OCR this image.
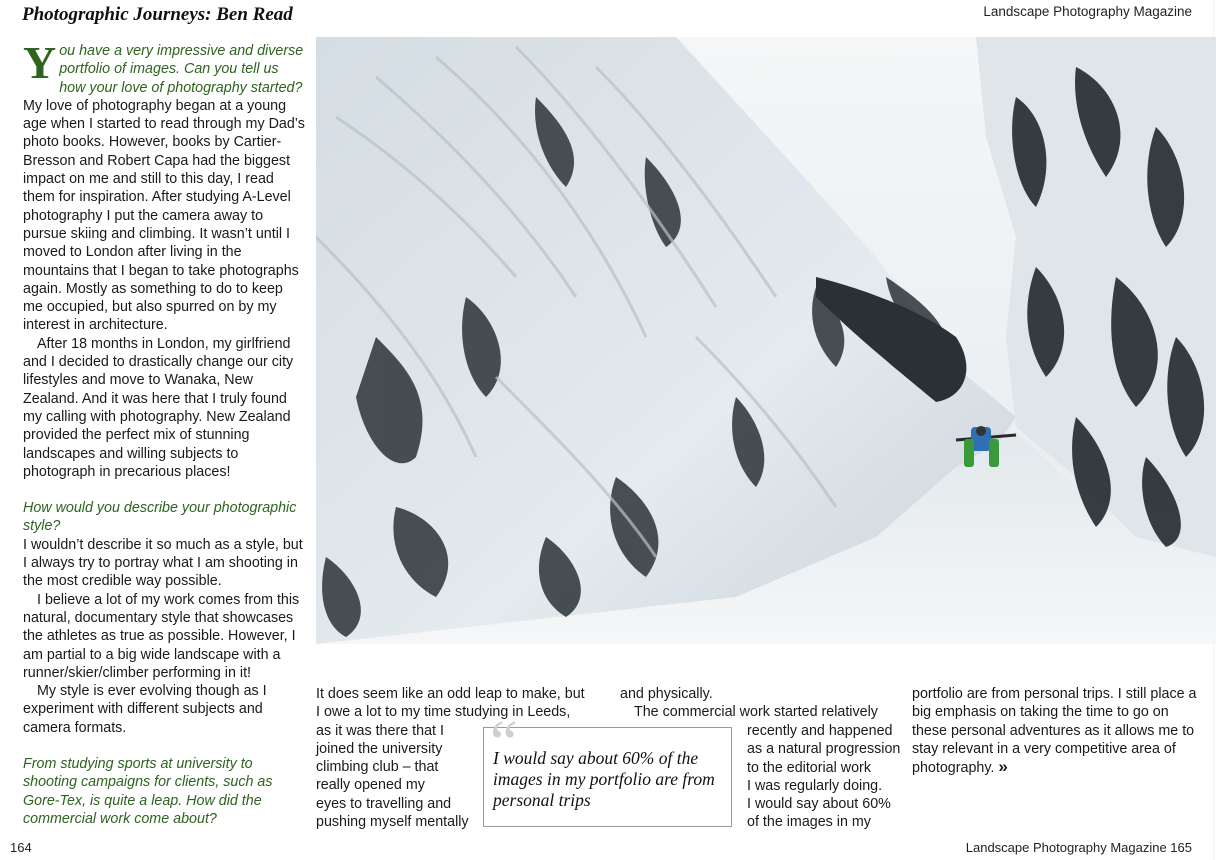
Photographic Journeys: Ben Read	Landscape Photography Magazine

You have a very impressive and diverse portfolio of images. Can you tell us how your love of photography started?

My love of photography began at a young age when I started to read through my Dad’s photo books. However, books by Cartier-Bresson and Robert Capa had the biggest impact on me and still to this day, I read them for inspiration. After studying A-Level photography I put the camera away to pursue skiing and climbing. It wasn’t until I moved to London after living in the mountains that I began to take photographs again. Mostly as something to do to keep me occupied, but also spurred on by my interest in architecture.

After 18 months in London, my girlfriend and I decided to drastically change our city lifestyles and move to Wanaka, New Zealand. And it was here that I truly found my calling with photography. New Zealand provided the perfect mix of stunning landscapes and willing subjects to photograph in precarious places!

How would you describe your photographic style?

I wouldn’t describe it so much as a style, but I always try to portray what I am shooting in the most credible way possible.

I believe a lot of my work comes from this natural, documentary style that showcases the athletes as true as possible. However, I am partial to a big wide landscape with a runner/skier/climber performing in it!

My style is ever evolving though as I experiment with different subjects and camera formats.

From studying sports at university to shooting campaigns for clients, such as Gore-Tex, is quite a leap. How did the commercial work come about?

It does seem like an odd leap to make, but
I owe a lot to my time studying in Leeds,
as it was there that I
joined the university
climbing club – that
really opened my
eyes to travelling and
pushing myself mentally
and physically.
The commercial work started relatively
recently and happened
as a natural progression
to the editorial work
I was regularly doing.
I would say about 60%
of the images in my
portfolio are from personal trips. I still place a big emphasis on taking the time to go on these personal adventures as it allows me to stay relevant in a very competitive area of photography. »
“
I would say about 60% of the images in my portfolio are from personal trips
164	Landscape Photography Magazine 165
